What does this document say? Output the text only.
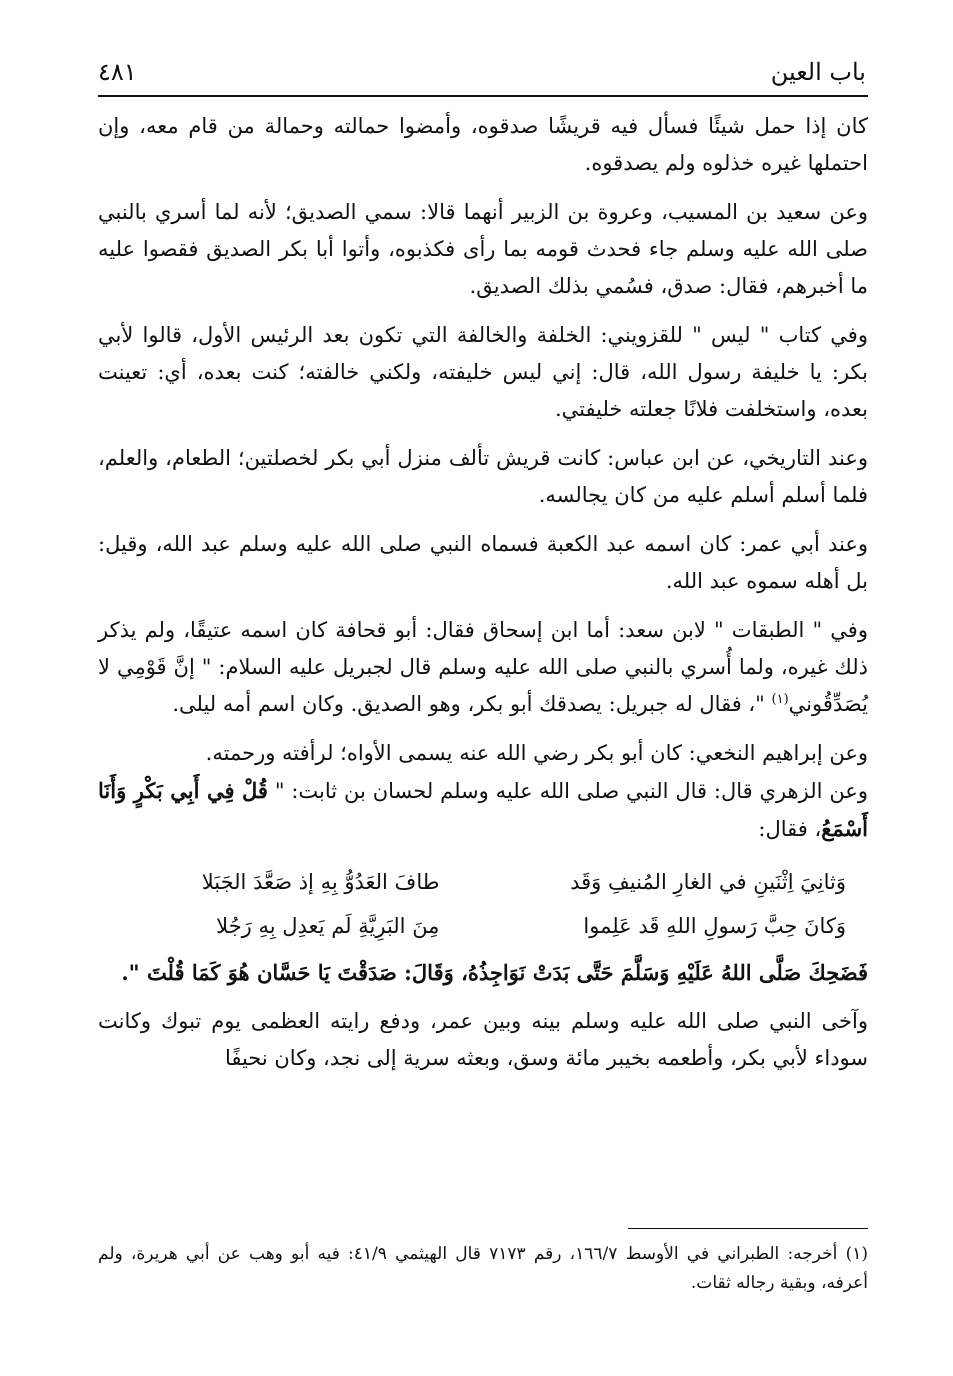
باب العين
٤٨١

كان إذا حمل شيئًا فسأل فيه قريشًا صدقوه، وأمضوا حمالته وحمالة من قام معه، وإن احتملها غيره خذلوه ولم يصدقوه.

وعن سعيد بن المسيب، وعروة بن الزبير أنهما قالا: سمي الصديق؛ لأنه لما أسري بالنبي صلى الله عليه وسلم جاء فحدث قومه بما رأى فكذبوه، وأتوا أبا بكر الصديق فقصوا عليه ما أخبرهم، فقال: صدق، فسُمي بذلك الصديق.

وفي كتاب " ليس " للقزويني: الخلفة والخالفة التي تكون بعد الرئيس الأول، قالوا لأبي بكر: يا خليفة رسول الله، قال: إني ليس خليفته، ولكني خالفته؛ كنت بعده، أي: تعينت بعده، واستخلفت فلانًا جعلته خليفتي.

وعند التاريخي، عن ابن عباس: كانت قريش تألف منزل أبي بكر لخصلتين؛ الطعام، والعلم، فلما أسلم أسلم عليه من كان يجالسه.

وعند أبي عمر: كان اسمه عبد الكعبة فسماه النبي صلى الله عليه وسلم عبد الله، وقيل: بل أهله سموه عبد الله.

وفي " الطبقات " لابن سعد: أما ابن إسحاق فقال: أبو قحافة كان اسمه عتيقًا، ولم يذكر ذلك غيره، ولما أُسري بالنبي صلى الله عليه وسلم قال لجبريل عليه السلام: " إنَّ قَوْمِي لا يُصَدِّقُوني$^{(١)}$ "، فقال له جبريل: يصدقك أبو بكر، وهو الصديق. وكان اسم أمه ليلى.

وعن إبراهيم النخعي: كان أبو بكر رضي الله عنه يسمى الأواه؛ لرأفته ورحمته.

وعن الزهري قال: قال النبي صلى الله عليه وسلم لحسان بن ثابت: " قُلْ فِي أَبِي بَكْرٍ وَأَنَا أَسْمَعُ، فقال:

وَثانِيَ اِثْنَينِ في الغارِ المُنيفِ وَقَد
طافَ العَدُوُّ بِهِ إذ صَعَّدَ الجَبَلا
وَكانَ حِبَّ رَسولِ اللهِ قَد عَلِموا
مِنَ البَرِيَّةِ لَم يَعدِل بِهِ رَجُلا

فَضَحِكَ صَلَّى اللهُ عَلَيْهِ وَسَلَّمَ حَتَّى بَدَتْ نَوَاجِذُهُ، وَقَالَ: صَدَقْتَ يَا حَسَّان هُوَ كَمَا قُلْتَ ".

وآخى النبي صلى الله عليه وسلم بينه وبين عمر، ودفع رايته العظمى يوم تبوك وكانت سوداء لأبي بكر، وأطعمه بخيبر مائة وسق، وبعثه سرية إلى نجد، وكان نحيفًا

(١) أخرجه: الطبراني في الأوسط ١٦٦/٧، رقم ٧١٧٣ قال الهيثمي ٤١/٩: فيه أبو وهب عن أبي هريرة، ولم أعرفه، وبقية رجاله ثقات.
